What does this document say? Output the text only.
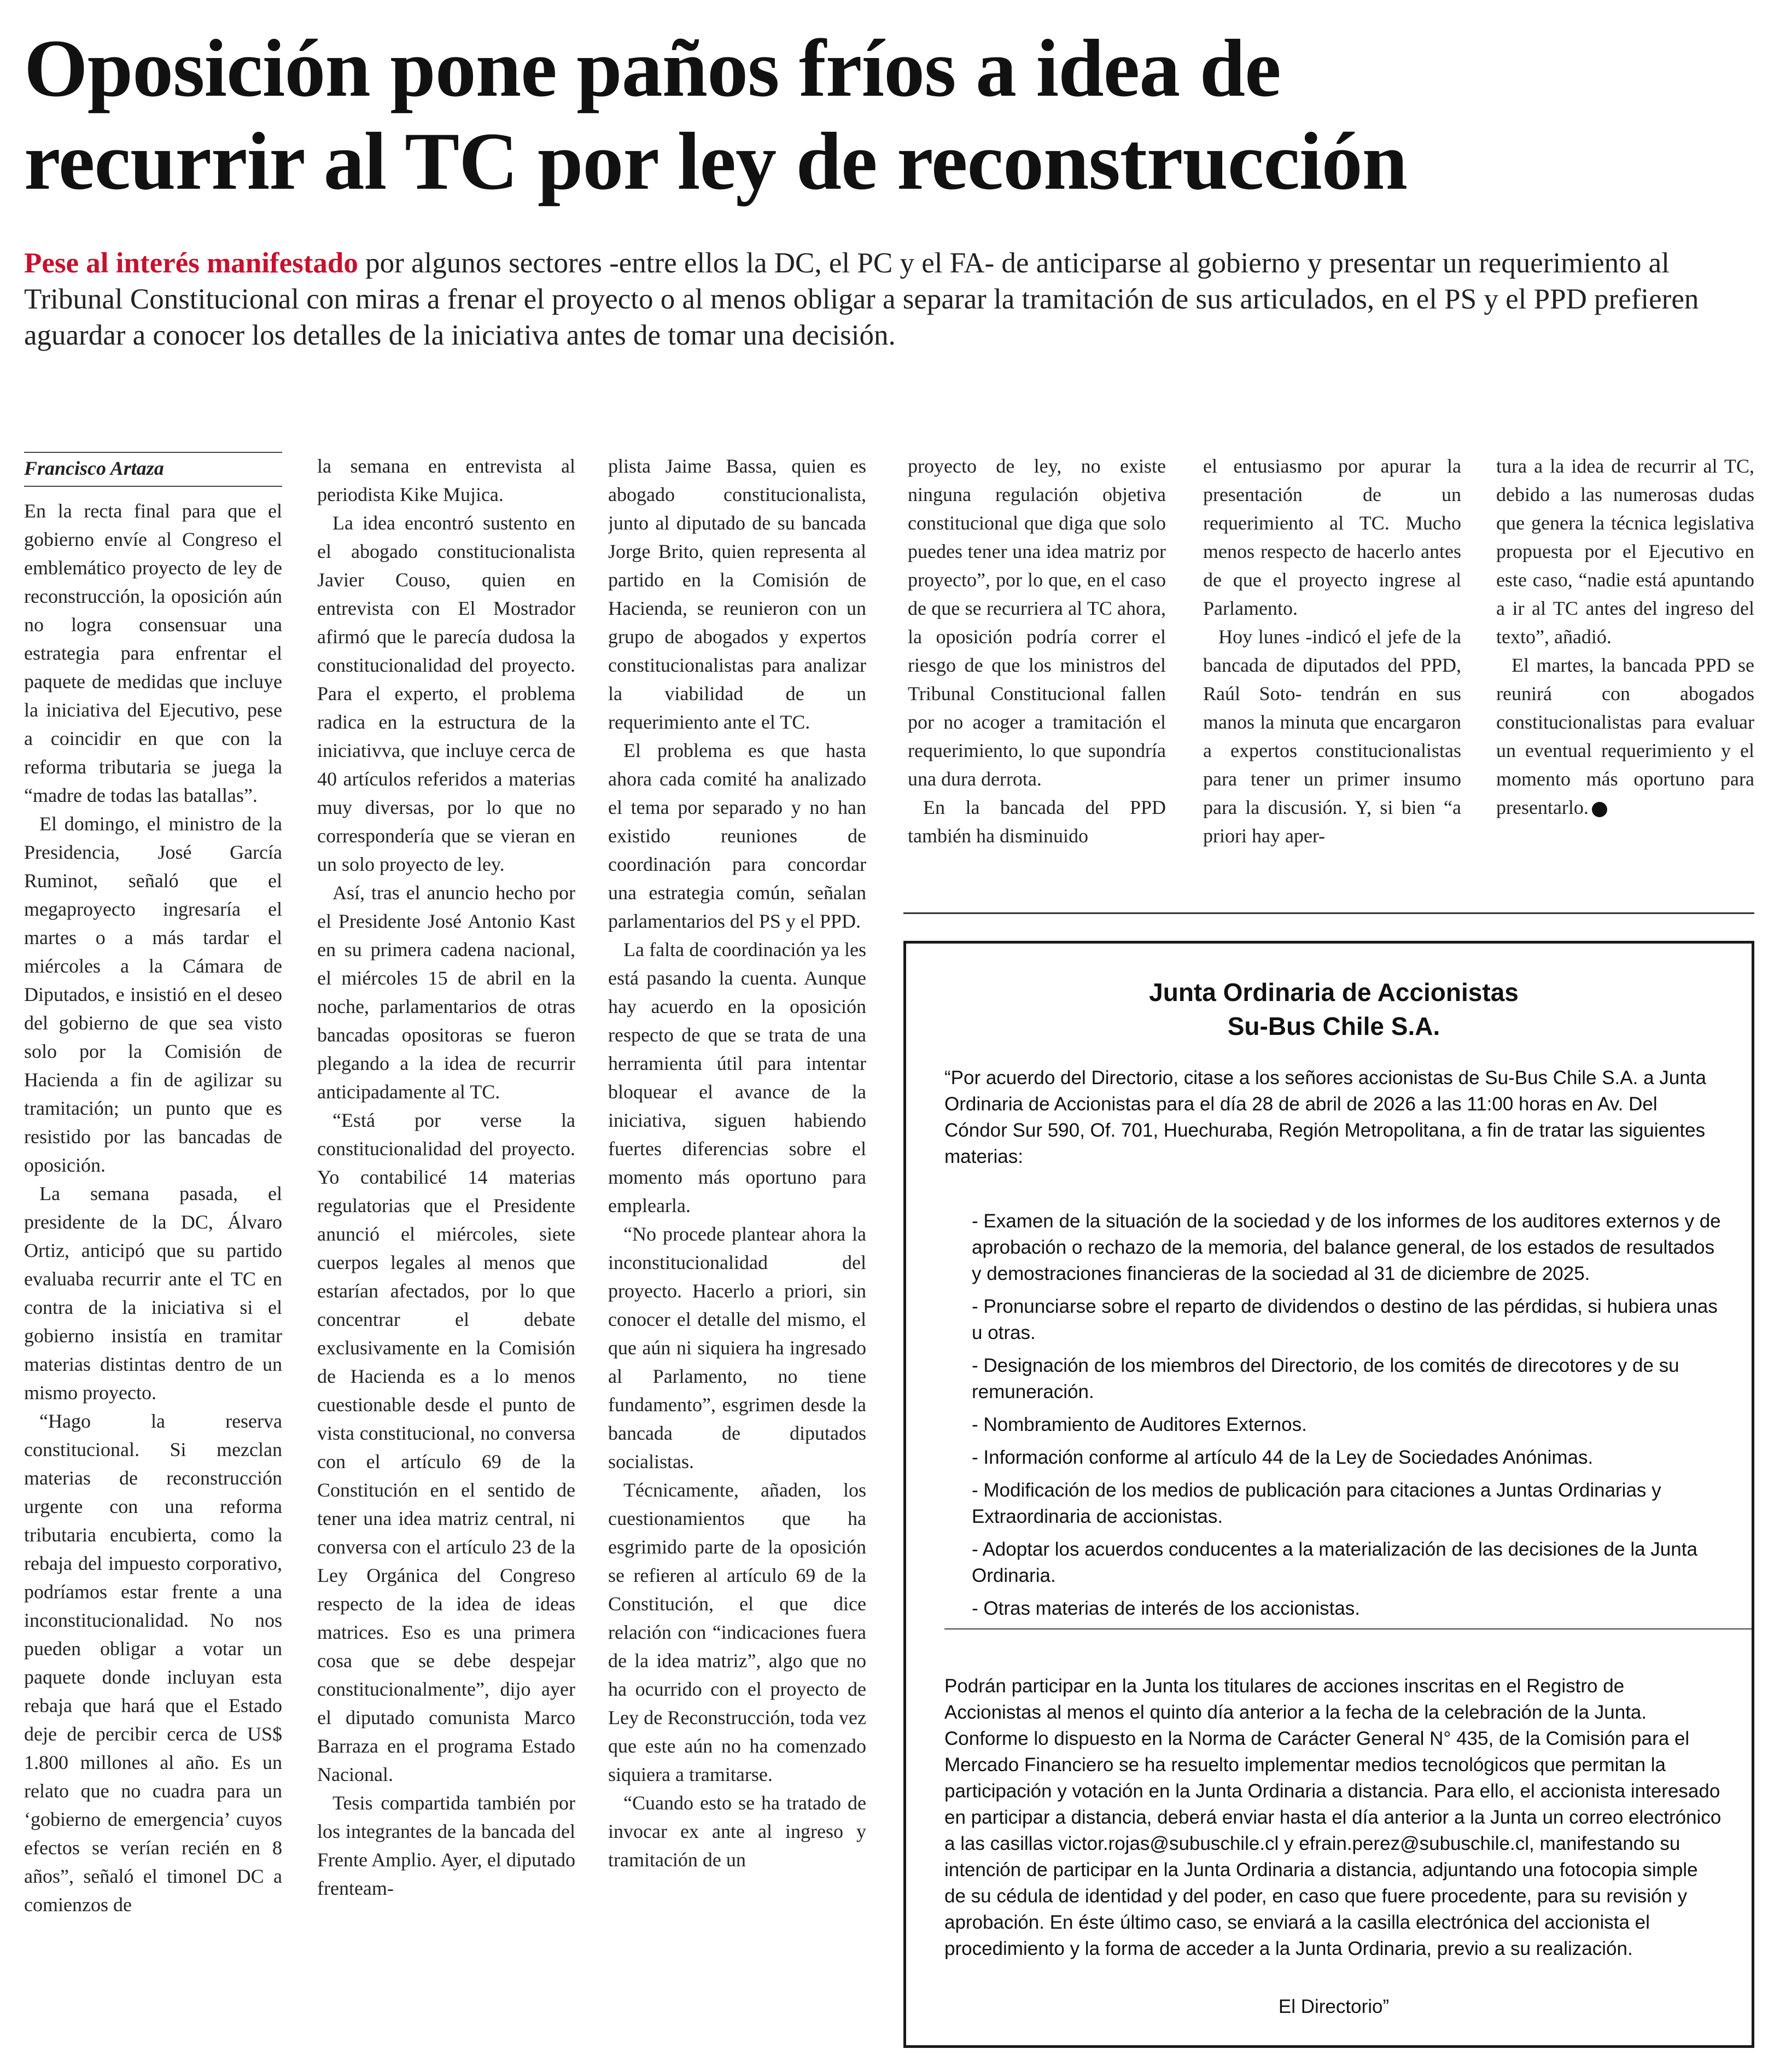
Oposición pone paños fríos a idea de
recurrir al TC por ley de reconstrucción

Pese al interés manifestado por algunos sectores -entre ellos la DC, el PC y el FA- de anticiparse al gobierno y presentar un requerimiento al Tribunal Constitucional con miras a frenar el proyecto o al menos obligar a separar la tramitación de sus articulados, en el PS y el PPD prefieren aguardar a conocer los detalles de la iniciativa antes de tomar una decisión.

Francisco Artaza

En la recta final para que el gobierno envíe al Congreso el emblemático proyecto de ley de reconstrucción, la oposición aún no logra consensuar una estrategia para enfrentar el paquete de medidas que incluye la iniciativa del Ejecutivo, pese a coincidir en que con la reforma tributaria se juega la “madre de todas las batallas”.

El domingo, el ministro de la Presidencia, José García Ruminot, señaló que el megaproyecto ingresaría el martes o a más tardar el miércoles a la Cámara de Diputados, e insistió en el deseo del gobierno de que sea visto solo por la Comisión de Hacienda a fin de agilizar su tramitación; un punto que es resistido por las bancadas de oposición.

La semana pasada, el presidente de la DC, Álvaro Ortiz, anticipó que su partido evaluaba recurrir ante el TC en contra de la iniciativa si el gobierno insistía en tramitar materias distintas dentro de un mismo proyecto.

“Hago la reserva constitucional. Si mezclan materias de reconstrucción urgente con una reforma tributaria encubierta, como la rebaja del impuesto corporativo, podríamos estar frente a una inconstitucionalidad. No nos pueden obligar a votar un paquete donde incluyan esta rebaja que hará que el Estado deje de percibir cerca de US$ 1.800 millones al año. Es un relato que no cuadra para un ‘gobierno de emergencia’ cuyos efectos se verían recién en 8 años”, señaló el timonel DC a comienzos de

la semana en entrevista al periodista Kike Mujica.

La idea encontró sustento en el abogado constitucionalista Javier Couso, quien en entrevista con El Mostrador afirmó que le parecía dudosa la constitucionalidad del proyecto. Para el experto, el problema radica en la estructura de la iniciativva, que incluye cerca de 40 artículos referidos a materias muy diversas, por lo que no correspondería que se vieran en un solo proyecto de ley.

Así, tras el anuncio hecho por el Presidente José Antonio Kast en su primera cadena nacional, el miércoles 15 de abril en la noche, parlamentarios de otras bancadas opositoras se fueron plegando a la idea de recurrir anticipadamente al TC.

“Está por verse la constitucionalidad del proyecto. Yo contabilicé 14 materias regulatorias que el Presidente anunció el miércoles, siete cuerpos legales al menos que estarían afectados, por lo que concentrar el debate exclusivamente en la Comisión de Hacienda es a lo menos cuestionable desde el punto de vista constitucional, no conversa con el artículo 69 de la Constitución en el sentido de tener una idea matriz central, ni conversa con el artículo 23 de la Ley Orgánica del Congreso respecto de la idea de ideas matrices. Eso es una primera cosa que se debe despejar constitucionalmente”, dijo ayer el diputado comunista Marco Barraza en el programa Estado Nacional.

Tesis compartida también por los integrantes de la bancada del Frente Amplio. Ayer, el diputado frenteam-

plista Jaime Bassa, quien es abogado constitucionalista, junto al diputado de su bancada Jorge Brito, quien representa al partido en la Comisión de Hacienda, se reunieron con un grupo de abogados y expertos constitucionalistas para analizar la viabilidad de un requerimiento ante el TC.

El problema es que hasta ahora cada comité ha analizado el tema por separado y no han existido reuniones de coordinación para concordar una estrategia común, señalan parlamentarios del PS y el PPD.

La falta de coordinación ya les está pasando la cuenta. Aunque hay acuerdo en la oposición respecto de que se trata de una herramienta útil para intentar bloquear el avance de la iniciativa, siguen habiendo fuertes diferencias sobre el momento más oportuno para emplearla.

“No procede plantear ahora la inconstitucionalidad del proyecto. Hacerlo a priori, sin conocer el detalle del mismo, el que aún ni siquiera ha ingresado al Parlamento, no tiene fundamento”, esgrimen desde la bancada de diputados socialistas.

Técnicamente, añaden, los cuestionamientos que ha esgrimido parte de la oposición se refieren al artículo 69 de la Constitución, el que dice relación con “indicaciones fuera de la idea matriz”, algo que no ha ocurrido con el proyecto de Ley de Reconstrucción, toda vez que este aún no ha comenzado siquiera a tramitarse.

“Cuando esto se ha tratado de invocar ex ante al ingreso y tramitación de un

proyecto de ley, no existe ninguna regulación objetiva constitucional que diga que solo puedes tener una idea matriz por proyecto”, por lo que, en el caso de que se recurriera al TC ahora, la oposición podría correr el riesgo de que los ministros del Tribunal Constitucional fallen por no acoger a tramitación el requerimiento, lo que supondría una dura derrota.

En la bancada del PPD también ha disminuido

el entusiasmo por apurar la presentación de un requerimiento al TC. Mucho menos respecto de hacerlo antes de que el proyecto ingrese al Parlamento.

Hoy lunes -indicó el jefe de la bancada de diputados del PPD, Raúl Soto- tendrán en sus manos la minuta que encargaron a expertos constitucionalistas para tener un primer insumo para la discusión. Y, si bien “a priori hay aper-

tura a la idea de recurrir al TC, debido a las numerosas dudas que genera la técnica legislativa propuesta por el Ejecutivo en este caso, “nadie está apuntando a ir al TC antes del ingreso del texto”, añadió.

El martes, la bancada PPD se reunirá con abogados constitucionalistas para evaluar un eventual requerimiento y el momento más oportuno para presentarlo.

Junta Ordinaria de Accionistas
Su-Bus Chile S.A.

“Por acuerdo del Directorio, citase a los señores accionistas de Su-Bus Chile S.A. a Junta Ordinaria de Accionistas para el día 28 de abril de 2026 a las 11:00 horas en Av. Del Cóndor Sur 590, Of. 701, Huechuraba, Región Metropolitana, a fin de tratar las siguientes materias:

- Examen de la situación de la sociedad y de los informes de los auditores externos y de aprobación o rechazo de la memoria, del balance general, de los estados de resultados y demostraciones financieras de la sociedad al 31 de diciembre de 2025.
- Pronunciarse sobre el reparto de dividendos o destino de las pérdidas, si hubiera unas u otras.
- Designación de los miembros del Directorio, de los comités de direcotores y de su remuneración.
- Nombramiento de Auditores Externos.
- Información conforme al artículo 44 de la Ley de Sociedades Anónimas.
- Modificación de los medios de publicación para citaciones a Juntas Ordinarias y Extraordinaria de accionistas.
- Adoptar los acuerdos conducentes a la materialización de las decisiones de la Junta Ordinaria.
- Otras materias de interés de los accionistas.

Podrán participar en la Junta los titulares de acciones inscritas en el Registro de Accionistas al menos el quinto día anterior a la fecha de la celebración de la Junta. Conforme lo dispuesto en la Norma de Carácter General N° 435, de la Comisión para el Mercado Financiero se ha resuelto implementar medios tecnológicos que permitan la participación y votación en la Junta Ordinaria a distancia. Para ello, el accionista interesado en participar a distancia, deberá enviar hasta el día anterior a la Junta un correo electrónico a las casillas victor.rojas@subuschile.cl y efrain.perez@subuschile.cl, manifestando su intención de participar en la Junta Ordinaria a distancia, adjuntando una fotocopia simple de su cédula de identidad y del poder, en caso que fuere procedente, para su revisión y aprobación. En éste último caso, se enviará a la casilla electrónica del accionista el procedimiento y la forma de acceder a la Junta Ordinaria, previo a su realización.

El Directorio”
